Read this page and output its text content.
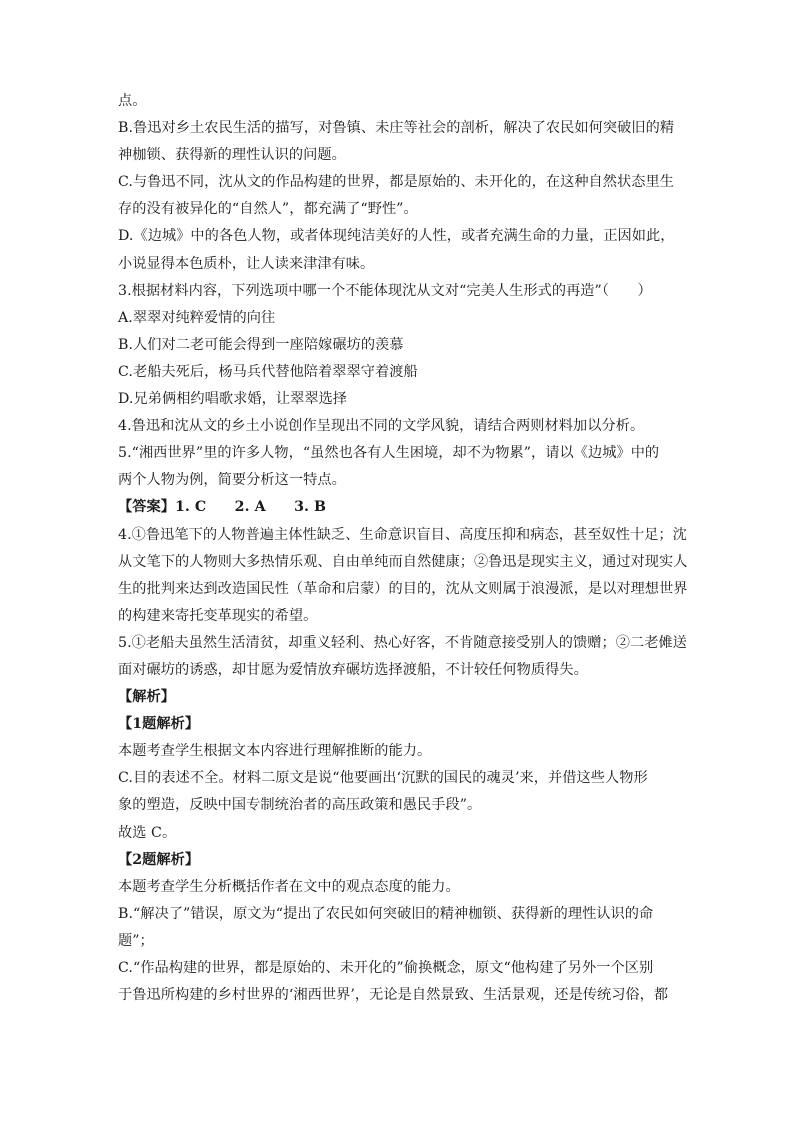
点。
B.鲁迅对乡土农民生活的描写，对鲁镇、未庄等社会的剖析，解决了农民如何突破旧的精
神枷锁、获得新的理性认识的问题。
C.与鲁迅不同，沈从文的作品构建的世界，都是原始的、未开化的，在这种自然状态里生
存的没有被异化的“自然人”，都充满了“野性”。
D.《边城》中的各色人物，或者体现纯洁美好的人性，或者充满生命的力量，正因如此，
小说显得本色质朴，让人读来津津有味。
3.根据材料内容，下列选项中哪一个不能体现沈从文对“完美人生形式的再造”（　　）
A.翠翠对纯粹爱情的向往
B.人们对二老可能会得到一座陪嫁碾坊的羡慕
C.老船夫死后，杨马兵代替他陪着翠翠守着渡船
D.兄弟俩相约唱歌求婚，让翠翠选择
4.鲁迅和沈从文的乡土小说创作呈现出不同的文学风貌，请结合两则材料加以分析。
5.“湘西世界”里的许多人物，“虽然也各有人生困境，却不为物累”，请以《边城》中的
两个人物为例，简要分析这一特点。
【答案】1. C　　2. A　　3. B
4.①鲁迅笔下的人物普遍主体性缺乏、生命意识盲目、高度压抑和病态，甚至奴性十足；沈
从文笔下的人物则大多热情乐观、自由单纯而自然健康；②鲁迅是现实主义，通过对现实人
生的批判来达到改造国民性（革命和启蒙）的目的，沈从文则属于浪漫派，是以对理想世界
的构建来寄托变革现实的希望。
5.①老船夫虽然生活清贫，却重义轻利、热心好客，不肯随意接受别人的馈赠；②二老傩送
面对碾坊的诱惑，却甘愿为爱情放弃碾坊选择渡船，不计较任何物质得失。
【解析】
【1题解析】
本题考查学生根据文本内容进行理解推断的能力。
C.目的表述不全。材料二原文是说“他要画出‘沉默的国民的魂灵’来，并借这些人物形
象的塑造，反映中国专制统治者的高压政策和愚民手段”。
故选 C。
【2题解析】
本题考查学生分析概括作者在文中的观点态度的能力。
B.“解决了”错误，原文为“提出了农民如何突破旧的精神枷锁、获得新的理性认识的命
题”；
C.“作品构建的世界，都是原始的、未开化的”偷换概念，原文“他构建了另外一个区别
于鲁迅所构建的乡村世界的‘湘西世界’，无论是自然景致、生活景观，还是传统习俗，都
